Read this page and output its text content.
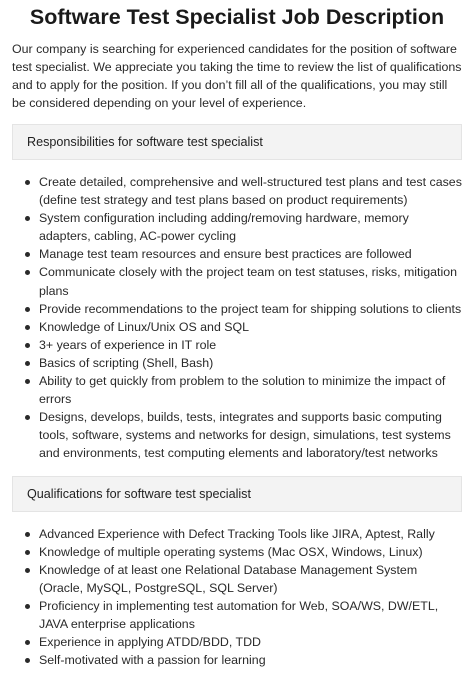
Software Test Specialist Job Description

Our company is searching for experienced candidates for the position of software test specialist. We appreciate you taking the time to review the list of qualifications and to apply for the position. If you don’t fill all of the qualifications, you may still be considered depending on your level of experience.

Responsibilities for software test specialist
Create detailed, comprehensive and well-structured test plans and test cases (define test strategy and test plans based on product requirements)
System configuration including adding/removing hardware, memory adapters, cabling, AC-power cycling
Manage test team resources and ensure best practices are followed
Communicate closely with the project team on test statuses, risks, mitigation plans
Provide recommendations to the project team for shipping solutions to clients
Knowledge of Linux/Unix OS and SQL
3+ years of experience in IT role
Basics of scripting (Shell, Bash)
Ability to get quickly from problem to the solution to minimize the impact of errors
Designs, develops, builds, tests, integrates and supports basic computing tools, software, systems and networks for design, simulations, test systems and environments, test computing elements and laboratory/test networks
Qualifications for software test specialist
Advanced Experience with Defect Tracking Tools like JIRA, Aptest, Rally
Knowledge of multiple operating systems (Mac OSX, Windows, Linux)
Knowledge of at least one Relational Database Management System (Oracle, MySQL, PostgreSQL, SQL Server)
Proficiency in implementing test automation for Web, SOA/WS, DW/ETL, JAVA enterprise applications
Experience in applying ATDD/BDD, TDD
Self-motivated with a passion for learning
